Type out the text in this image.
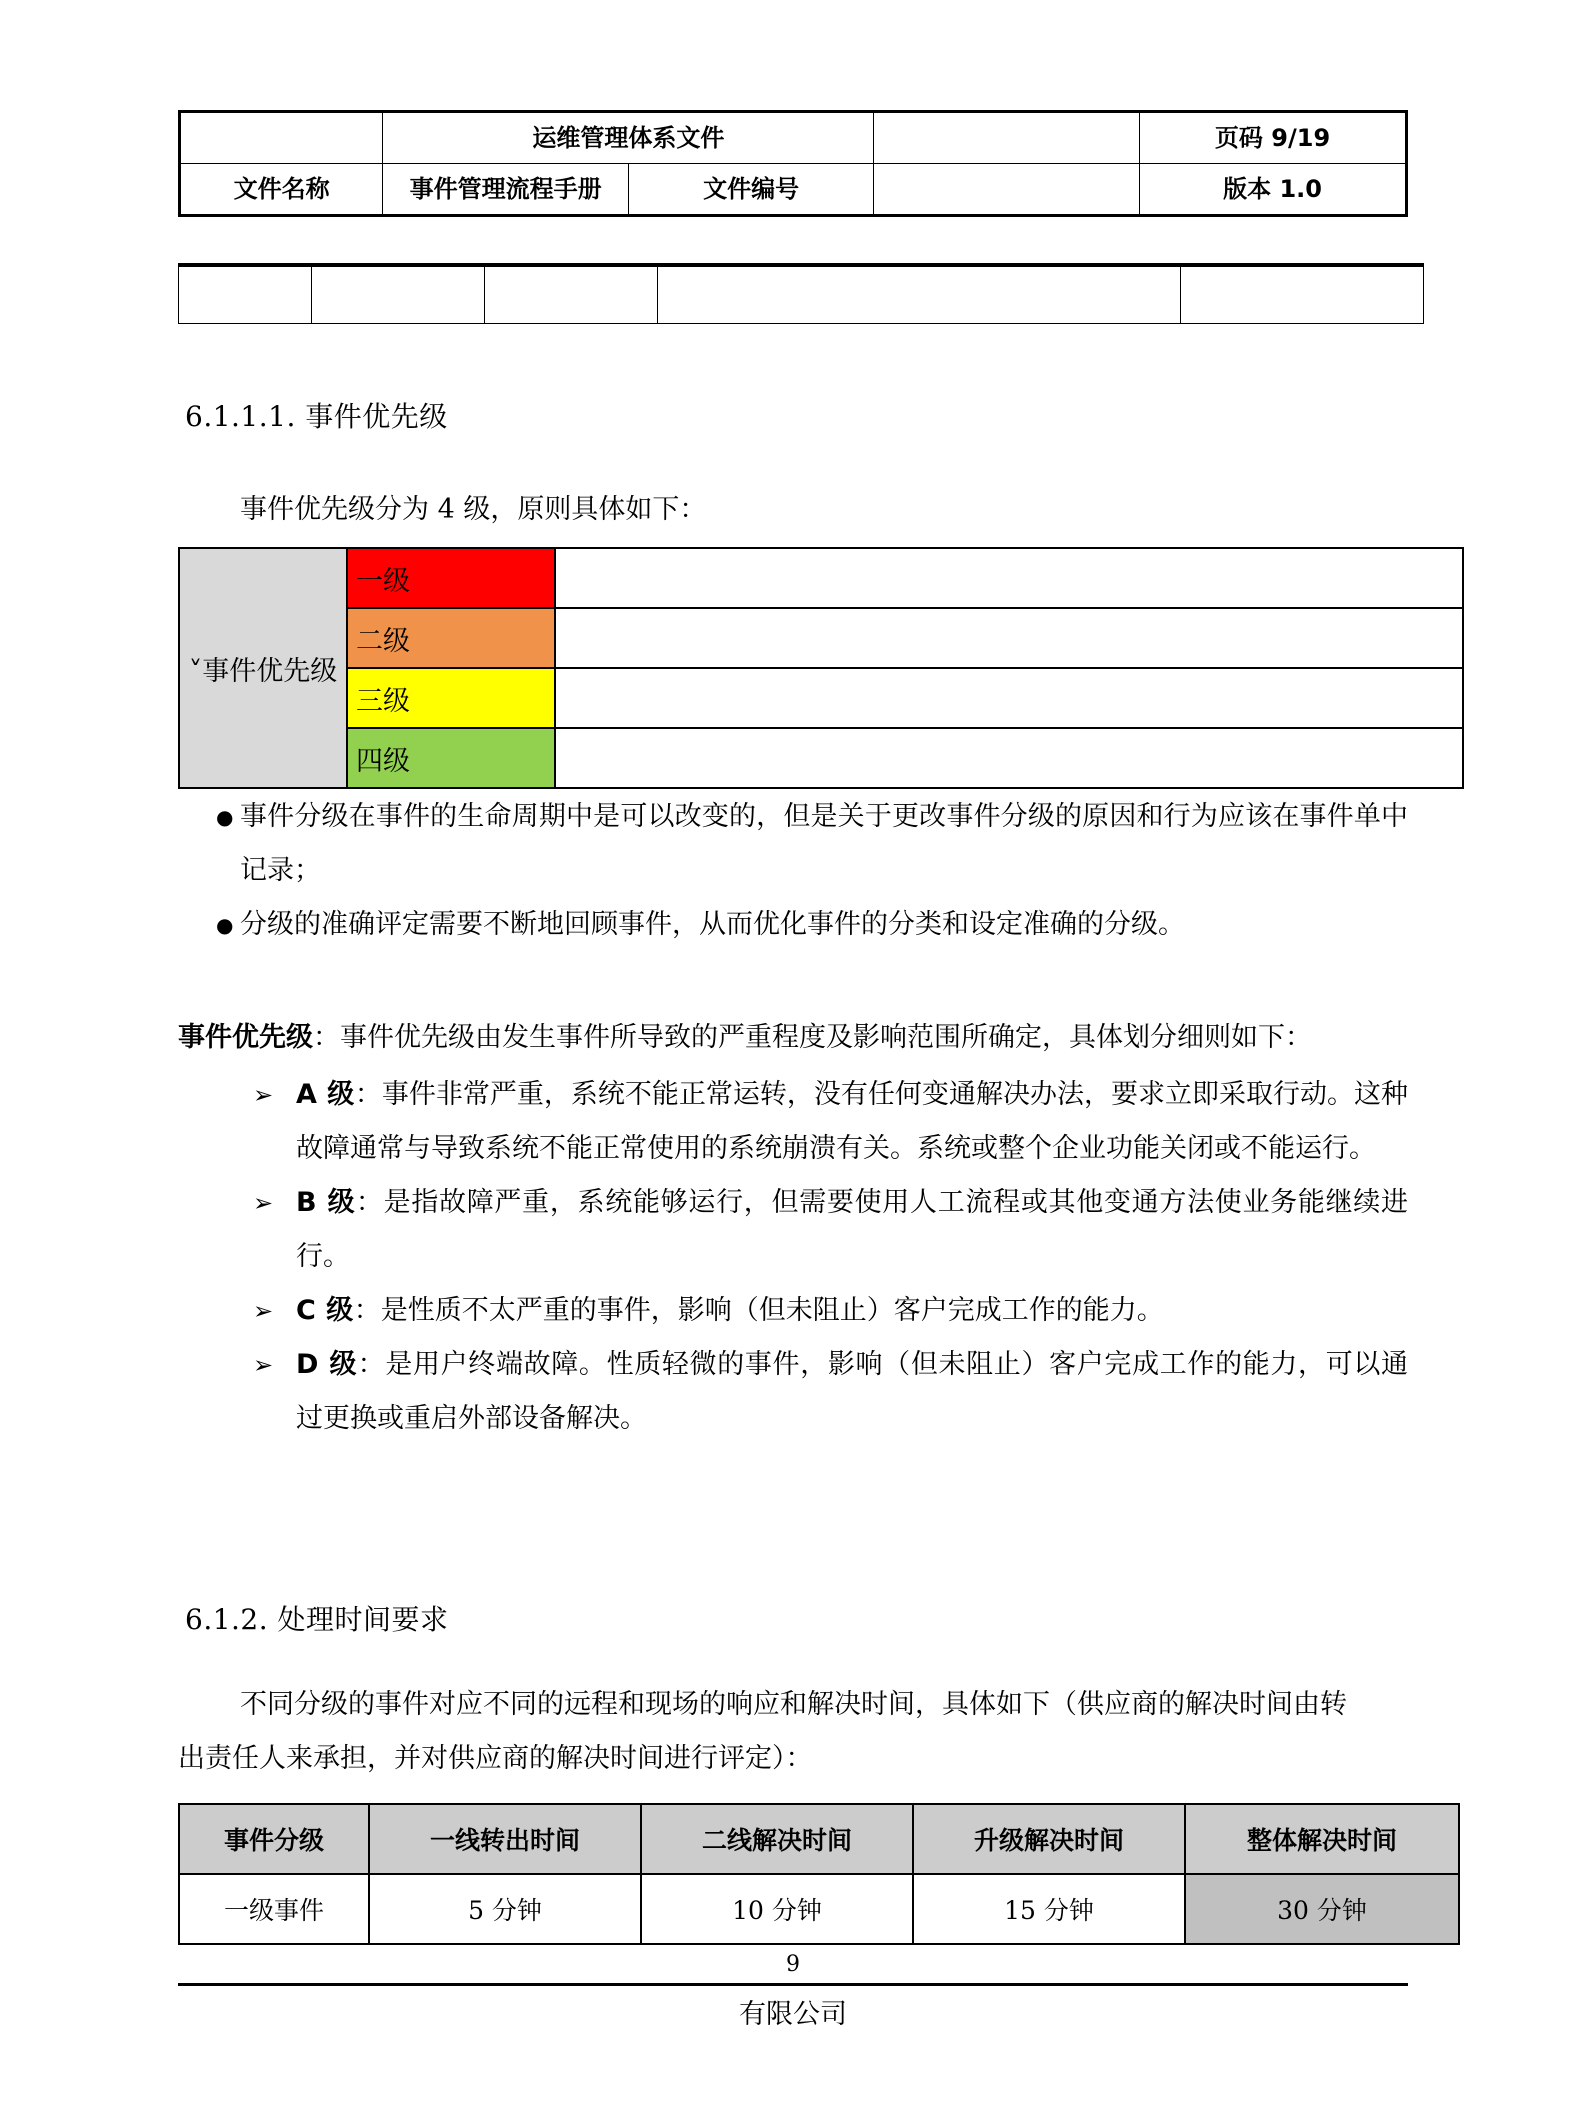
	运维管理体系文件			页码 9/19
文件名称	事件管理流程手册	文件编号		版本 1.0

6.1.1.1. 事件优先级
事件优先级分为 4 级，原则具体如下：
˅事件优先级	一级	
	二级	
	三级	
	四级	
● 事件分级在事件的生命周期中是可以改变的，但是关于更改事件分级的原因和行为应该在事件单中记录；
● 分级的准确评定需要不断地回顾事件，从而优化事件的分类和设定准确的分级。
事件优先级：事件优先级由发生事件所导致的严重程度及影响范围所确定，具体划分细则如下：
➢ A 级：事件非常严重，系统不能正常运转，没有任何变通解决办法，要求立即采取行动。这种故障通常与导致系统不能正常使用的系统崩溃有关。系统或整个企业功能关闭或不能运行。
➢ B 级：是指故障严重，系统能够运行，但需要使用人工流程或其他变通方法使业务能继续进行。
➢ C 级：是性质不太严重的事件，影响（但未阻止）客户完成工作的能力。
➢ D 级：是用户终端故障。性质轻微的事件，影响（但未阻止）客户完成工作的能力，可以通过更换或重启外部设备解决。
6.1.2. 处理时间要求
不同分级的事件对应不同的远程和现场的响应和解决时间，具体如下（供应商的解决时间由转
出责任人来承担，并对供应商的解决时间进行评定）：
事件分级	一线转出时间	二线解决时间	升级解决时间	整体解决时间
一级事件	5 分钟	10 分钟	15 分钟	30 分钟
9
有限公司
